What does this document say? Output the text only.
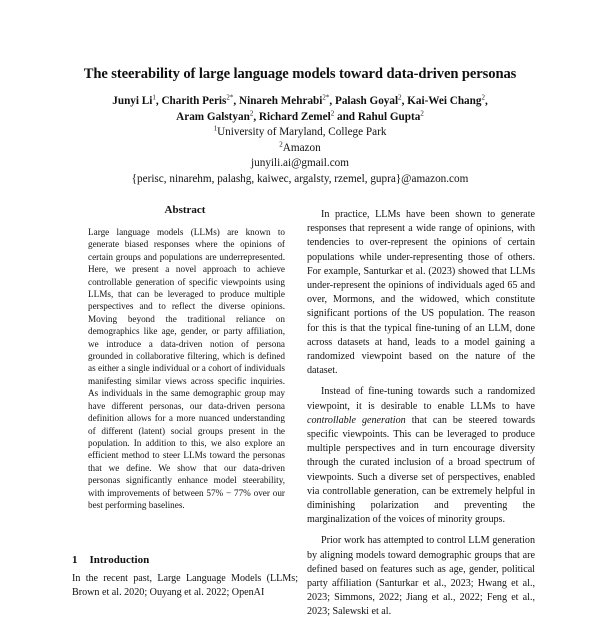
The steerability of large language models toward data-driven personas
Junyi Li$^1$, Charith Peris$^{2*}$, Ninareh Mehrabi$^{2*}$, Palash Goyal$^2$, Kai-Wei Chang$^2$,
Aram Galstyan$^2$, Richard Zemel$^2$ and Rahul Gupta$^2$
$^1$University of Maryland, College Park
$^2$Amazon
junyili.ai@gmail.com
{perisc, ninarehm, palashg, kaiwec, argalsty, rzemel, gupra}@amazon.com
Abstract
Large language models (LLMs) are known to generate biased responses where the opinions of certain groups and populations are underrepresented. Here, we present a novel approach to achieve controllable generation of specific viewpoints using LLMs, that can be leveraged to produce multiple perspectives and to reflect the diverse opinions. Moving beyond the traditional reliance on demographics like age, gender, or party affiliation, we introduce a data-driven notion of persona grounded in collaborative filtering, which is defined as either a single individual or a cohort of individuals manifesting similar views across specific inquiries. As individuals in the same demographic group may have different personas, our data-driven persona definition allows for a more nuanced understanding of different (latent) social groups present in the population. In addition to this, we also explore an efficient method to steer LLMs toward the personas that we define. We show that our data-driven personas significantly enhance model steerability, with improvements of between 57% − 77% over our best performing baselines.
1 Introduction
In the recent past, Large Language Models (LLMs; Brown et al. 2020; Ouyang et al. 2022; OpenAI

In practice, LLMs have been shown to generate responses that represent a wide range of opinions, with tendencies to over-represent the opinions of certain populations while under-representing those of others. For example, Santurkar et al. (2023) showed that LLMs under-represent the opinions of individuals aged 65 and over, Mormons, and the widowed, which constitute significant portions of the US population. The reason for this is that the typical fine-tuning of an LLM, done across datasets at hand, leads to a model gaining a randomized viewpoint based on the nature of the dataset.

Instead of fine-tuning towards such a randomized viewpoint, it is desirable to enable LLMs to have controllable generation that can be steered towards specific viewpoints. This can be leveraged to produce multiple perspectives and in turn encourage diversity through the curated inclusion of a broad spectrum of viewpoints. Such a diverse set of perspectives, enabled via controllable generation, can be extremely helpful in diminishing polarization and preventing the marginalization of the voices of minority groups.

Prior work has attempted to control LLM generation by aligning models toward demographic groups that are defined based on features such as age, gender, political party affiliation (Santurkar et al., 2023; Hwang et al., 2023; Simmons, 2022; Jiang et al., 2022; Feng et al., 2023; Salewski et al.
